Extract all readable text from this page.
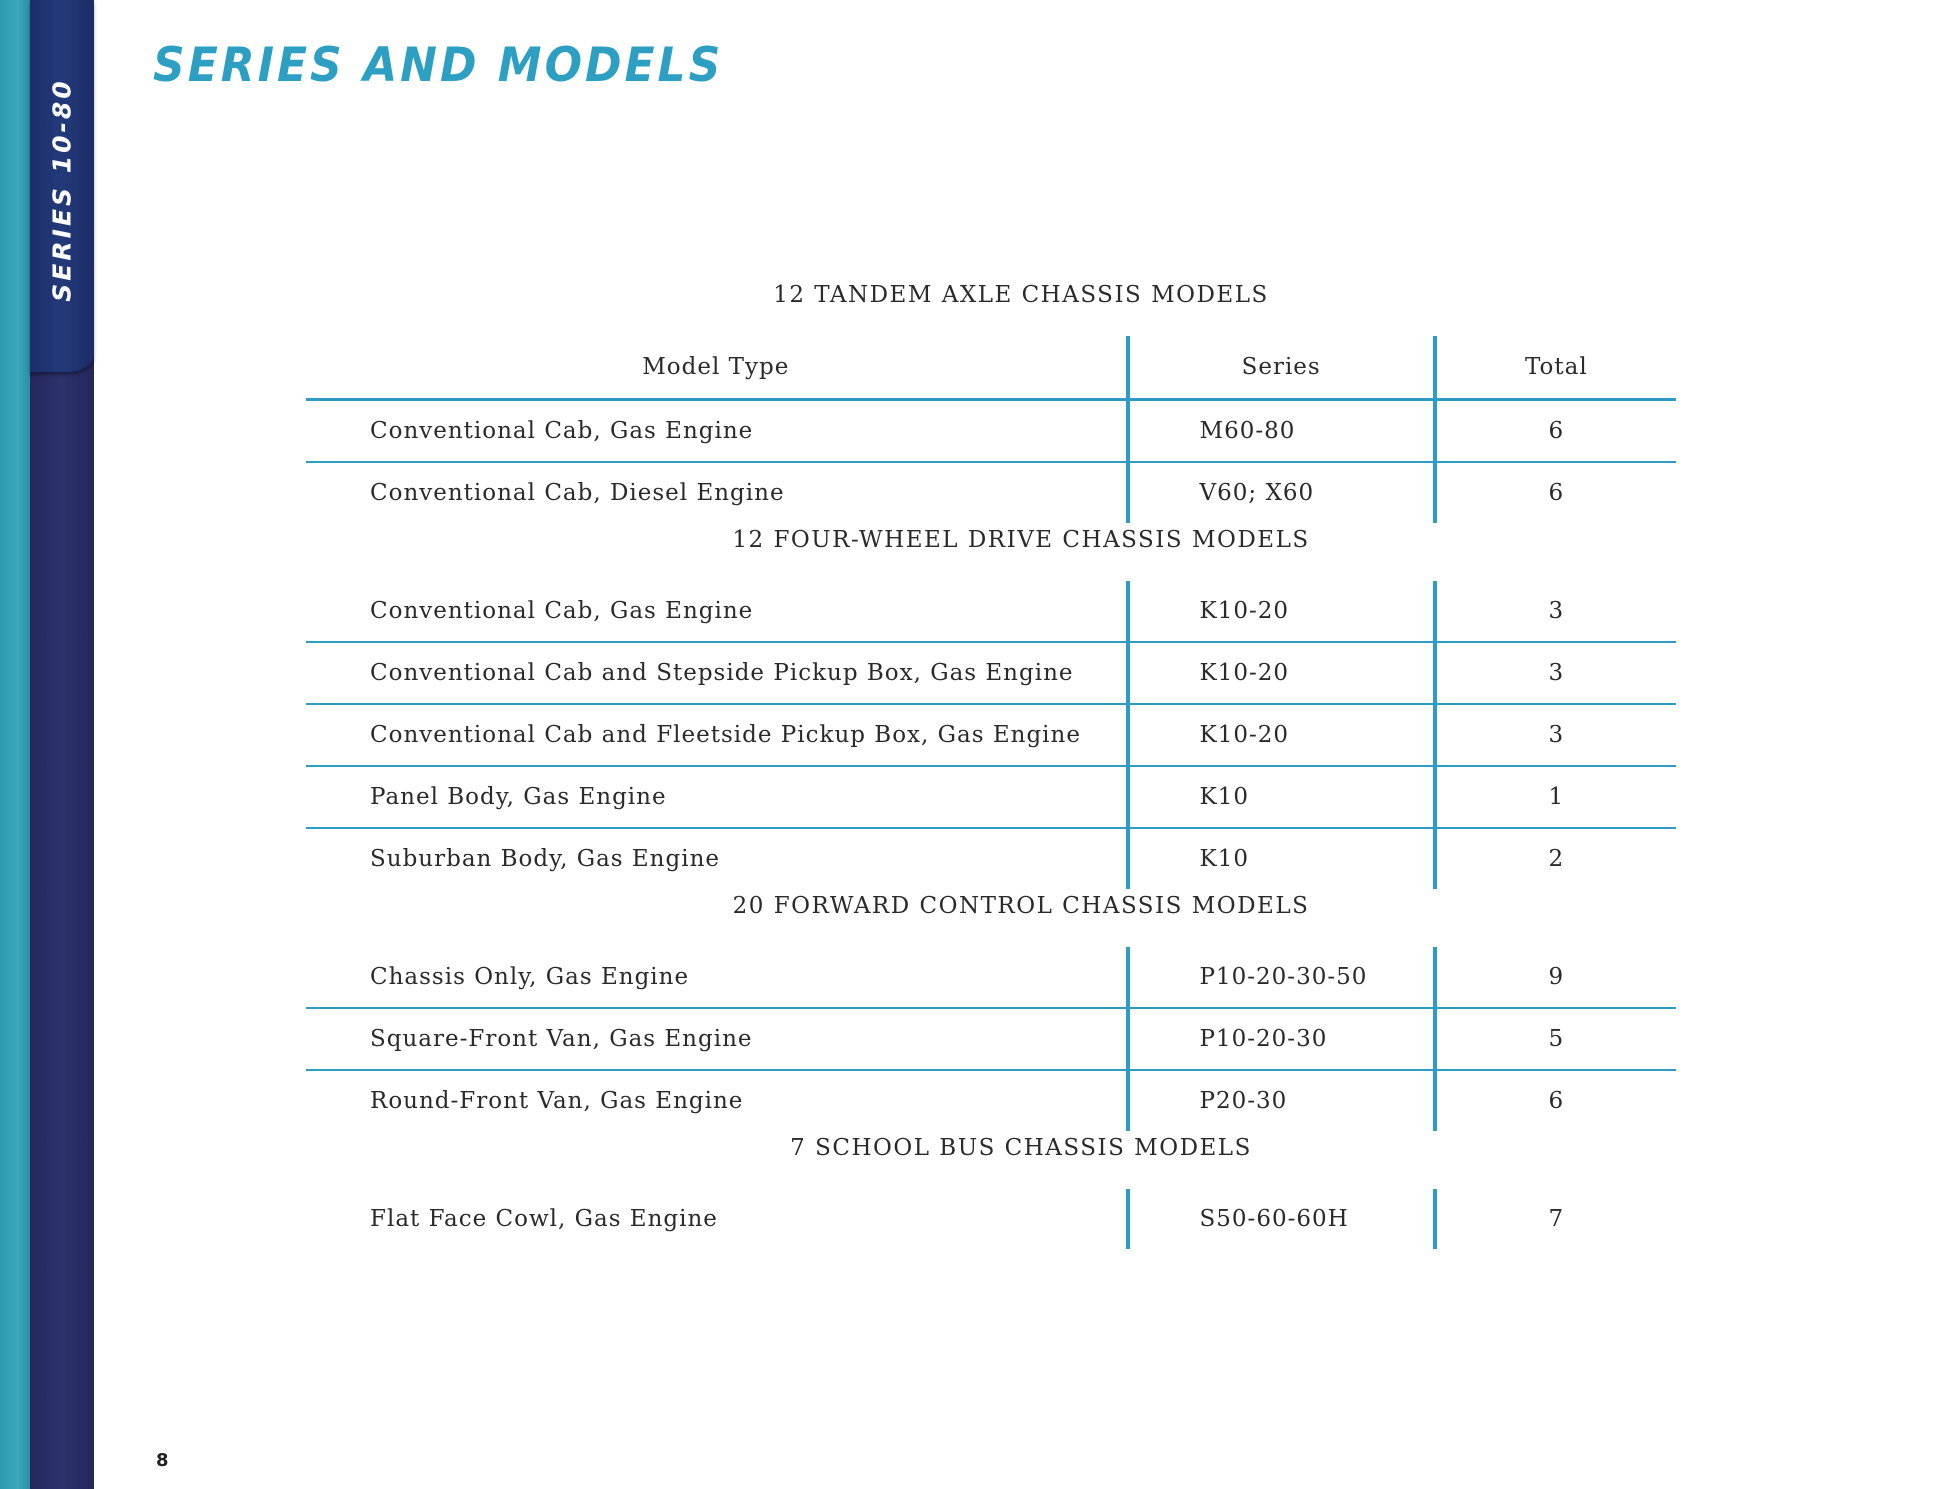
SERIES 10-80
SERIES AND MODELS
12 TANDEM AXLE CHASSIS MODELS
Model Type	Series	Total
Conventional Cab, Gas Engine	M60-80	6
Conventional Cab, Diesel Engine	V60; X60	6
12 FOUR-WHEEL DRIVE CHASSIS MODELS
Conventional Cab, Gas Engine	K10-20	3
Conventional Cab and Stepside Pickup Box, Gas Engine	K10-20	3
Conventional Cab and Fleetside Pickup Box, Gas Engine	K10-20	3
Panel Body, Gas Engine	K10	1
Suburban Body, Gas Engine	K10	2
20 FORWARD CONTROL CHASSIS MODELS
Chassis Only, Gas Engine	P10-20-30-50	9
Square-Front Van, Gas Engine	P10-20-30	5
Round-Front Van, Gas Engine	P20-30	6
7 SCHOOL BUS CHASSIS MODELS
Flat Face Cowl, Gas Engine	S50-60-60H	7
8
